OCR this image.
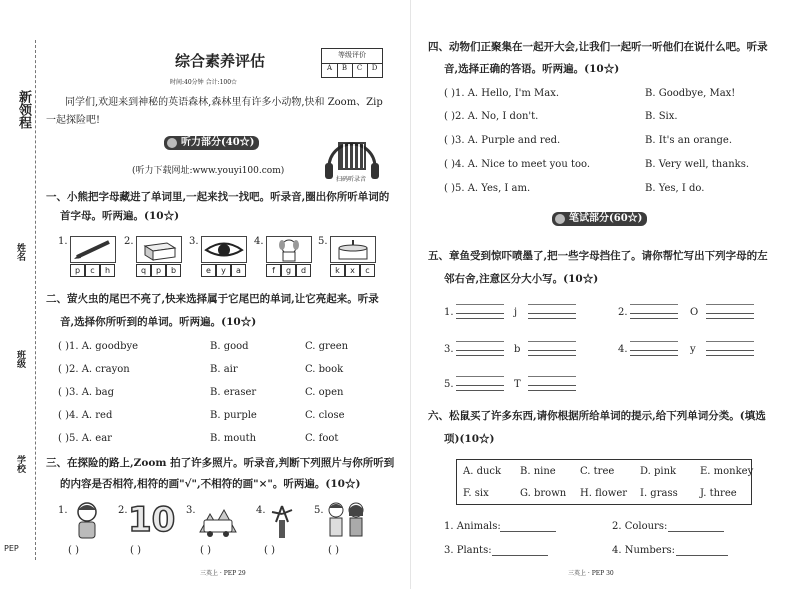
新领程
姓名
班级
学校
PEP
综合素养评估
时间:40分钟 合计:100☆
等级评价
A	B	C	D
同学们,欢迎来到神秘的英语森林,森林里有许多小动物,快和 Zoom、Zip
一起探险吧!
听力部分(40☆)
(听力下载网址:www.youyi100.com)
扫码听录音
一、小熊把字母藏进了单词里,一起来找一找吧。听录音,圈出你所听单词的
首字母。听两遍。(10☆)
1.
p	c	h
2.
q	p	b
3.
e	y	a
4.
f	g	d
5.
k	x	c
二、萤火虫的尾巴不亮了,快来选择属于它尾巴的单词,让它亮起来。听录
音,选择你所听到的单词。听两遍。(10☆)
( )1. A. goodbye	B. good	C. green
( )2. A. crayon	B. air	C. book
( )3. A. bag	B. eraser	C. open
( )4. A. red	B. purple	C. close
( )5. A. ear	B. mouth	C. foot
三、在探险的路上,Zoom 拍了许多照片。听录音,判断下列照片与你所听到
的内容是否相符,相符的画"√",不相符的画"×"。听两遍。(10☆)
1.
( )
2. 10
( )
3.
( )
4.
( )
5.
( )
三英上 · PEP 29
四、动物们正聚集在一起开大会,让我们一起听一听他们在说什么吧。听录
音,选择正确的答语。听两遍。(10☆)
( )1. A. Hello, I'm Max.	B. Goodbye, Max!
( )2. A. No, I don't.	B. Six.
( )3. A. Purple and red.	B. It's an orange.
( )4. A. Nice to meet you too.	B. Very well, thanks.
( )5. A. Yes, I am.	B. Yes, I do.
笔试部分(60☆)
五、章鱼受到惊吓喷墨了,把一些字母挡住了。请你帮忙写出下列字母的左
邻右舍,注意区分大小写。(10☆)
1.	j	2.	O
3.	b	4.	y
5.	T
六、松鼠买了许多东西,请你根据所给单词的提示,给下列单词分类。(填选
项)(10☆)
A. duck B. nine C. tree	D. pink E. monkey
F. six	G. brown H. flower I. grass J. three
1. Animals:	2. Colours:
3. Plants:	4. Numbers:
三英上 · PEP 30
